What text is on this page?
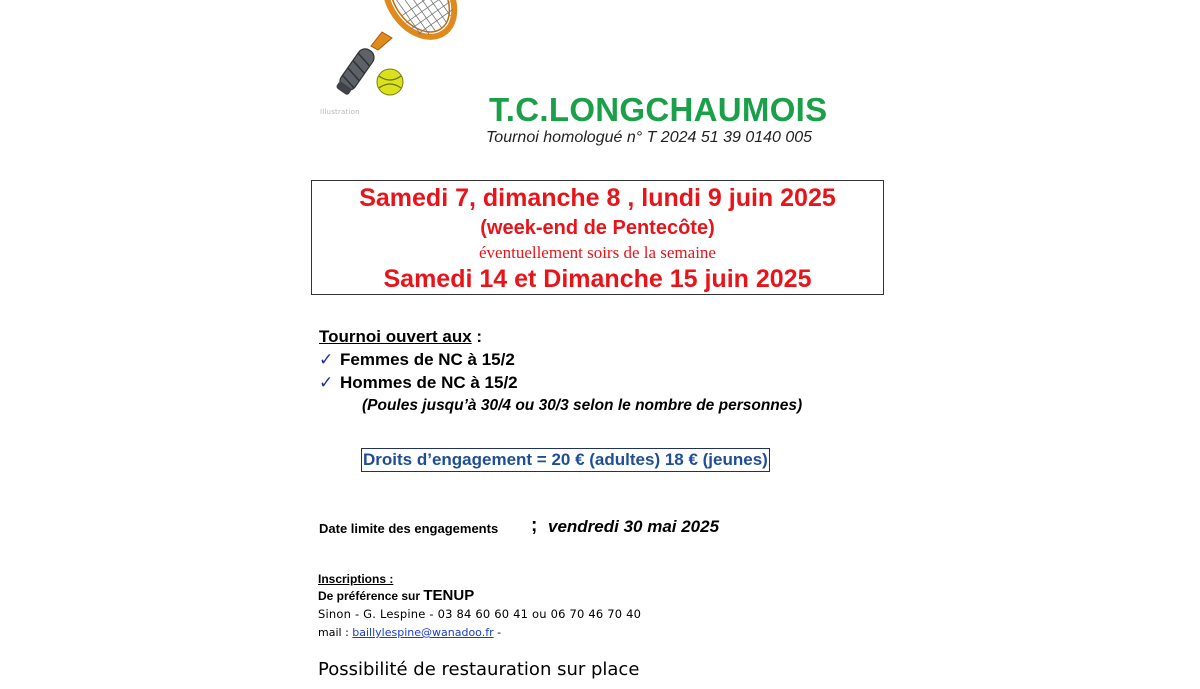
Illustration	T.C.LONGCHAUMOIS
Tournoi homologué n° T 2024 51 39 0140 005
Samedi 7, dimanche 8 , lundi 9 juin 2025
(week-end de Pentecôte)
éventuellement soirs de la semaine
Samedi 14 et Dimanche 15 juin 2025
Tournoi ouvert aux :
✓ Femmes de NC à 15/2
✓ Hommes de NC à 15/2
(Poules jusqu’à 30/4 ou 30/3 selon le nombre de personnes)
Droits d’engagement = 20 € (adultes) 18 € (jeunes)
Date limite des engagements ; vendredi 30 mai 2025
Inscriptions :
De préférence sur TENUP
Sinon - G. Lespine - 03 84 60 60 41 ou 06 70 46 70 40
mail : baillylespine@wanadoo.fr -
Possibilité de restauration sur place
